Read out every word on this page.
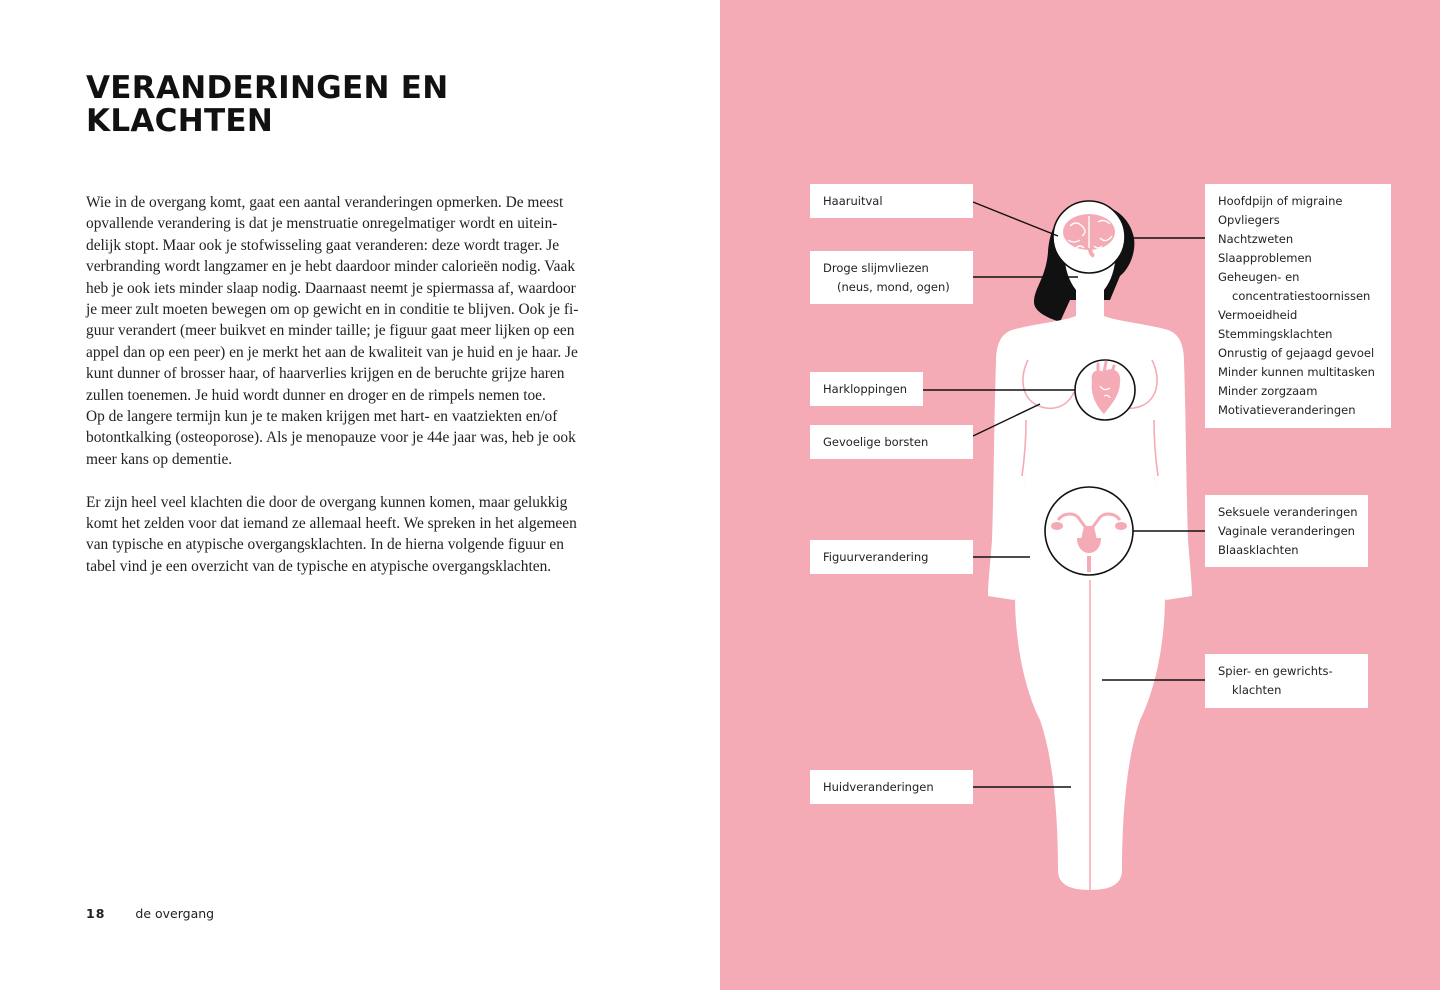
VERANDERINGEN EN
KLACHTEN
Wie in de overgang komt, gaat een aantal veranderingen opmerken. De meest
opvallende verandering is dat je menstruatie onregelmatiger wordt en uitein-
delijk stopt. Maar ook je stofwisseling gaat veranderen: deze wordt trager. Je
verbranding wordt langzamer en je hebt daardoor minder calorieën nodig. Vaak
heb je ook iets minder slaap nodig. Daarnaast neemt je spiermassa af, waardoor
je meer zult moeten bewegen om op gewicht en in conditie te blijven. Ook je fi-
guur verandert (meer buikvet en minder taille; je figuur gaat meer lijken op een
appel dan op een peer) en je merkt het aan de kwaliteit van je huid en je haar. Je
kunt dunner of brosser haar, of haarverlies krijgen en de beruchte grijze haren
zullen toenemen. Je huid wordt dunner en droger en de rimpels nemen toe.
Op de langere termijn kun je te maken krijgen met hart- en vaatziekten en/of
botontkalking (osteoporose). Als je menopauze voor je 44e jaar was, heb je ook
meer kans op dementie.
Er zijn heel veel klachten die door de overgang kunnen komen, maar gelukkig
komt het zelden voor dat iemand ze allemaal heeft. We spreken in het algemeen
van typische en atypische overgangsklachten. In de hierna volgende figuur en
tabel vind je een overzicht van de typische en atypische overgangsklachten.
18 de overgang
Haaruitval
Droge slijmvliezen
(neus, mond, ogen)
Harkloppingen
Gevoelige borsten
Figuurverandering
Huidveranderingen
Hoofdpijn of migraine
Opvliegers
Nachtzweten
Slaapproblemen
Geheugen- en
concentratiestoornissen
Vermoeidheid
Stemmingsklachten
Onrustig of gejaagd gevoel
Minder kunnen multitasken
Minder zorgzaam
Motivatieveranderingen
Seksuele veranderingen
Vaginale veranderingen
Blaasklachten
Spier- en gewrichts-
klachten
